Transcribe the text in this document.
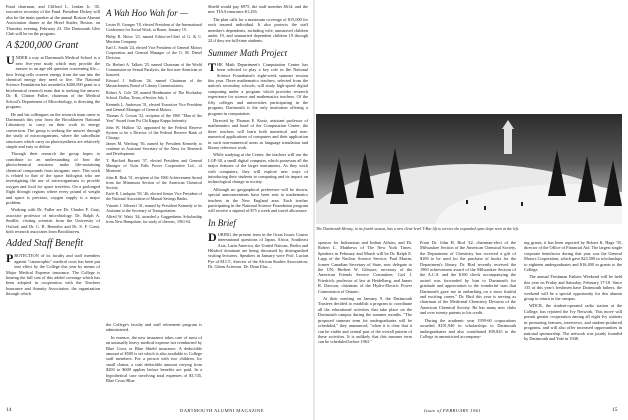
Fund chairman, and Clifford L. Jordan Jr. '45, executive secretary of the Fund. President Dickey will also be the main speaker at the annual Boston Alumni Association dinner at the Hotel Statler, Boston, on Thursday evening, February 23. The Dartmouth Glee Club will be on the program.

A $200,000 Grant

UNDER a way at Dartmouth Medical School is a new five-year study which may provide the answer to an age-old question concerning life—how living cells convert energy from the sun into the chemical energy they need to live. The National Science Foundation has awarded a $200,000 grant to a biochemical research team that is seeking the answer. Dr. R. Clinton Fuller, chairman of the Medical School's Department of Microbiology, is directing the program.

He and his colleagues on the research team came to Dartmouth this year from the Brookhaven National Laboratory to carry on their work in energy conversion. The group is seeking the answer through the study of microorganisms, where the subcellular structures which carry on photosynthesis are relatively simple and easy to define.

Through their research the group hopes to contribute to an understanding of how the photochemical reactions make life-sustaining chemical compounds from inorganic ones. This work is related to that of the space biologists who are investigating the use of microorganisms to provide oxygen and food for space travelers. On a prolonged flight through regions where every pound of weight and space is precious, oxygen supply is a major problem.

Working with Dr. Fuller are Dr. Charles F. Gray, associate professor of microbiology. Dr. Ralph A. Smillie, visiting scientist from the University of Oxford, and Dr. C. R. Benedict and Dr. S. F. Conti, both research associates from Brookhaven.

Added Staff Benefit

PROTECTION of its faculty and staff members against "catastrophic" medical costs has been put into effect by the College this year by means of Major Medical Expense insurance. The College is bearing the full cost of this added coverage which has been adopted in cooperation with the Teachers Insurance and Annuity Association, the organization through which

A Wah Hoo Wah for —
Lester B. Granger '18, elected President of the International Conference for Social Work, at Rome, January 19.
Philip R. Howe '23, named Editor-in-Chief of G. & C. Merriam Company.
Earl C. Smith '24, elected Vice President of General Motors Corporation and General Manager of the G. M. Diesel Division.
Dr. Herbert A. Talbott '25, named Chairman of the World Commission on Sexual Paralysis, the first non-American so honored.
Edward J. Sullivan '26, named Chairman of the Massachusetts Board of Library Commissioners.
Robert A. Cole '28, named Headmaster of The Hockaday School, Dallas, Texas, effective July 1.
Kenneth L. Anderson '31, elected Executive Vice President and General Manager of General Motors.
Thomas A. Cowan '32, recipient of the 1960 "Man of the Year" Award from Psi Chi Kappa Kappa fraternity.
John W. Hallion '32, appointed by the Federal Reserve System to be a Director of the Federal Reserve Bank of Chicago.
James M. Warburg '36, named by President Kennedy to continue as Assistant Secretary of the Navy for Research and Development.
T. Hartford Burnett '37, elected President and General Manager of Twin Falls Power Cooperative Ltd., of Montreal.
John B. Bisk '31, recipient of the 1960 Achievement Award from the Minnesota Section of the American Chemical Society.
Earle R. Lindquist '39, '46, elected Senior Vice President of the National Association of Mutual Savings Banks.
Vincent J. Silvestri '41, named by President Kennedy to be Assistant to the Secretary of Transportation.
Alfred W. Watts '44, awarded a Guggenheim Scholarship from New Hampshire, for study of rhetoric, 1961-62.

the College's faculty and staff retirement program is administered.

In essence, the new insurance takes care of most of an unusually heavy medical expense not reimbursed by Blue Cross or Blue Shield insurance. A deductible amount of $500 is set which is also available to College staff members. For a person with two children, for small claims, a cash deductible amount varying from $200 to $600 applies before benefits are paid. In a hypothetical case involving total expenses of $3,745, Blue Cross-Blue

Shield would pay $975, the staff member $614, and the new TIAA insurance $1,256.

The plan calls for a maximum coverage of $15,000 for each insured individual. It also protects the staff member's dependents, including wife, unmarried children under 19, and unmarried dependent children 19 through 22 if they are full-time students.

Summer Math Project

THE Math Department's Computation Center has been selected to play a key role in the National Science Foundation's eight-week summer session this year. Three mathematics teachers, selected from the nation's secondary schools, will study high-speed digital computing under a program which provides research experience for science and mathematics teachers. Of the fifty colleges and universities participating in the program, Dartmouth is the only institution offering a program in computation.

Directed by Thomas E. Kurtz, assistant professor of mathematics and head of the Computation Center, the three teachers will learn both numerical and non-numerical applications of computers and their application in such non-numerical areas as language translation and library reference work.

While studying at the Center, the teachers will use the LGP-30, a small digital computer, which possesses all the major features of the larger instruments. As they work with computers, they will explore new ways of introducing their students to computing and its impact on technological change in society.

Although no geographical preference will be shown, special announcements have been sent to mathematics teachers in the New England area. Each teacher participating in the National Science Foundation program will receive a stipend of $75 a week and travel allowance.

In Brief

DURING the present term in the Great Issues Course international questions of Japan, Africa, Southeast Asia, Latin America, the United Nations, Berlin and Hilsdorf dominate are being discussed by distinguished visiting lecturers. Speakers in January were Prof. Lucian Pye of M.I.T., director of the African Studies Association; Dr. Glenn Acterson, Dr. Dean Elsa ...

14	DARTMOUTH ALUMNI MAGAZINE
The Dartmouth Skiway, in its fourth season, has a new clear-level T-Bar lift to service the expanded open slope seen at the left.

sponsor for Indonesian and Indian Affairs; and Dr. Robert L. Matthews of The New York Times. Speakers in February and March will be Dr. Ralph E. Lapp of the Nuclear Science Service; Paul Martin, former Canadian Secretary of State, now delegate to the UN; Herbert W. Gilmore, secretary of the American Friends Service Committee; Carl J. Friedrich, professor of law at Heidelberg, and James R. Dawson, chairman of the Hydro-Electric Power Commission of Ontario.

At their meeting on January 9, the Dartmouth Trustees decided to establish a program to coordinate all the educational activities that take place on the Dartmouth campus during the summer months. "The proposed summer term for undergraduates will be scheduled," they announced, "when it is clear that it can be viable and central part of the overall pattern of these activities. It is unlikely that this summer term can be scheduled before 1963."

From Dr. John H. Bird '42, chairman-elect of the Milwaukee Section of the American Chemical Society, the Department of Chemistry has received a gift of $100 to be used for the purchase of books for the Department's library. Dr. Bird recently received the 1960 achievement award of the Milwaukee Section of the A.C.S. and the $100 check accompanying the award was forwarded by him to Dartmouth for gratitude and appreciation to the wonderful start that Dartmouth gave me in embarking on a most fruitful and exciting career." Dr. Bird this year is serving as chairman of the Medicinal Chemistry Division of the American Chemical Society. He has many new clubs and over twenty patents to his credit.

During the academic year 1959-60 corporations awarded $101,940 in scholarships to Dartmouth undergraduates and also contributed $39,825 to the College in unrestricted accompany-

ing grants, it has been reported by Robert K. Hage '35, director of the Office of Financial Aid. The largest single corporate benefactor during that year was the General Motors Corporation, which gave $23,500 in scholarships to eighteen undergraduates and $16,400 in grants to the College.

The annual Freshman Fathers Weekend will be held this year on Friday and Saturday, February 17-18. Since 135 of this year's freshmen have Dartmouth fathers, the weekend will be a special opportunity for this alumni group to return to the campus.

WDCR, the student-operated radio station at the College, has rejoined the Ivy Network. This move will permit greater cooperation among all eight Ivy stations in promoting features, interviews, and student-produced programs, and will also offer increased opportunities in national sponsorship. The network was jointly founded by Dartmouth and Yale in 1948.

Issue of FEBRUARY 1961	15
